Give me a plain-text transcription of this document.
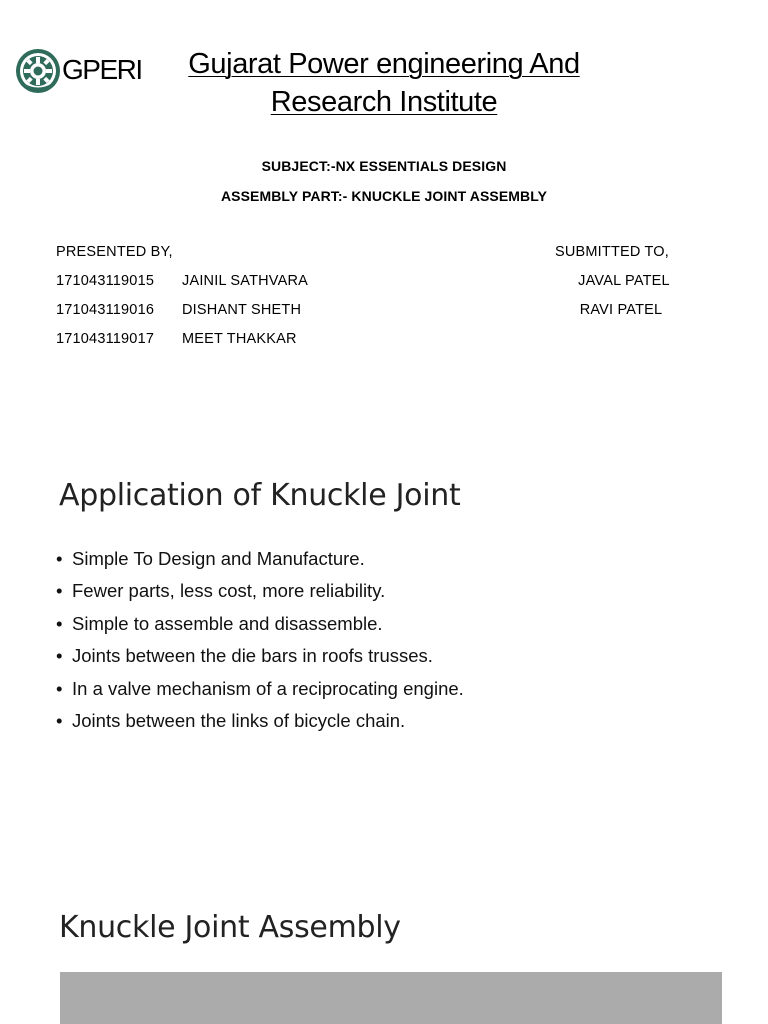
GPERI	Gujarat Power engineering And
Research Institute
SUBJECT:-NX ESSENTIALS DESIGN
ASSEMBLY PART:- KNUCKLE JOINT ASSEMBLY
PRESENTED BY,
171043119015 JAINIL SATHVARA
171043119016 DISHANT SHETH
171043119017 MEET THAKKAR
SUBMITTED TO,
JAVAL PATEL
RAVI PATEL
Application of Knuckle Joint
• Simple To Design and Manufacture.
• Fewer parts, less cost, more reliability.
• Simple to assemble and disassemble.
• Joints between the die bars in roofs trusses.
• In a valve mechanism of a reciprocating engine.
• Joints between the links of bicycle chain.
Knuckle Joint Assembly
